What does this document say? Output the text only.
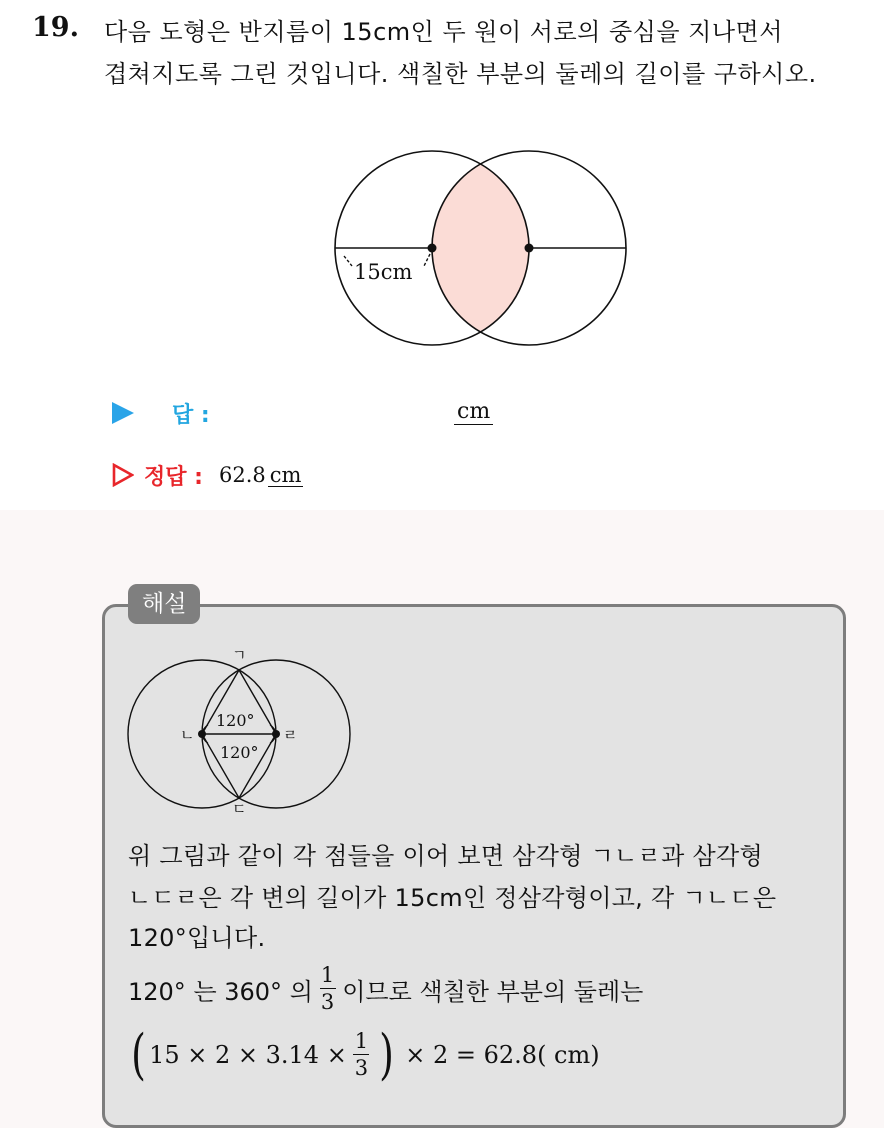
19. 다음 도형은 반지름이 15cm인 두 원이 서로의 중심을 지나면서
겹쳐지도록 그린 것입니다. 색칠한 부분의 둘레의 길이를 구하시오.
15cm
답 :	cm
정답 : 62.8 cm
해설
ㄱ
ㄴ	ㄹ
ㄷ
120°
120°
위 그림과 같이 각 점들을 이어 보면 삼각형 ㄱㄴㄹ과 삼각형
ㄴㄷㄹ은 각 변의 길이가 15cm인 정삼각형이고, 각 ㄱㄴㄷ은
120°입니다.
120° 는 360° 의 $\frac{1}{3}$ 이므로 색칠한 부분의 둘레는
( $15 \times 2 \times 3.14 \times \frac{1}{3}$ ) × 2 = 62.8( cm)
